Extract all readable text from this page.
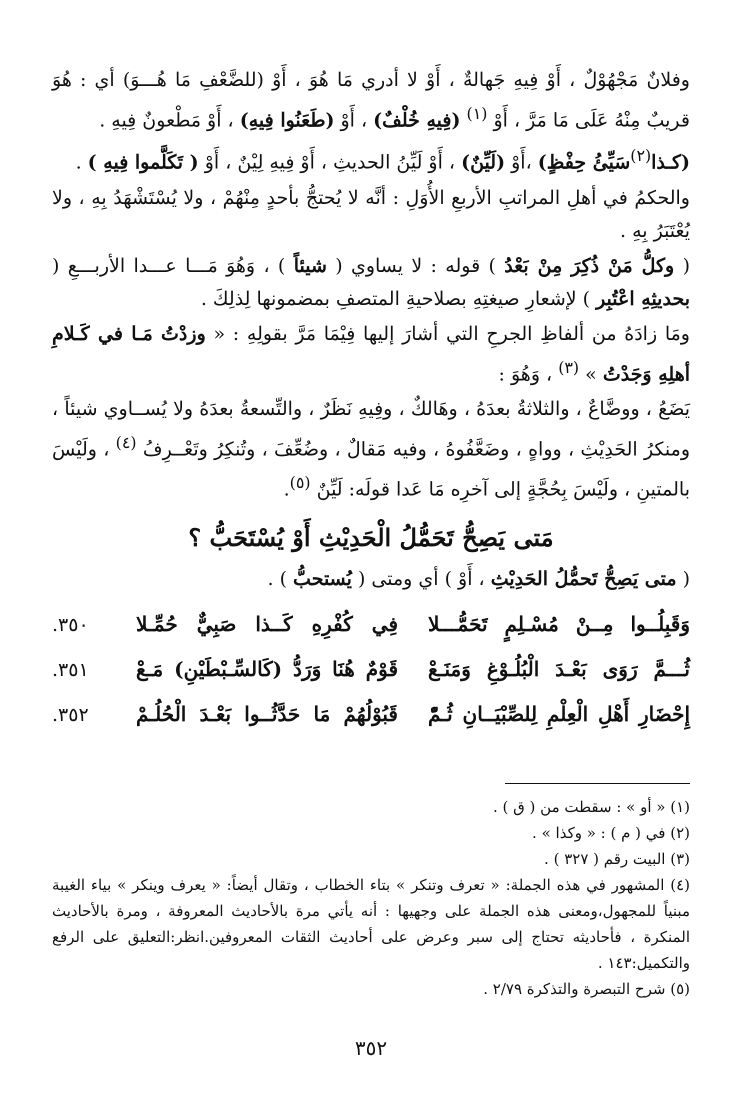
وفلانٌ مَجْهُوْلٌ ، أَوْ فِيهِ جَهالةٌ ، أَوْ لا أدري مَا هُوَ ، أَوْ (للضَّعْفِ مَا هُـــوَ) أي : هُوَ قريبٌ مِنْهُ عَلَى مَا مَرَّ ، أَوْ $^{(١)}$ (فِيهِ خُلْفٌ) ، أَوْ (طَعَنُوا فِيهِ) ، أَوْ مَطْعونٌ فِيهِ .

(كـذا$^{(٢)}$سَيِّئُ حِفْظٍ) ،أَوْ (لَيِّنٌ) ، أَوْ لَيِّنُ الحديثِ ، أَوْ فِيهِ لِيْنٌ ، أَوْ ( تَكَلَّموا فِيهِ ) .

والحكمُ في أهلِ المراتبِ الأربعِ الأُوَلِ : أنَّه لا يُحتجُّ بأحدٍ مِنْهُمْ ، ولا يُسْتَشْهَدُ بِهِ ، ولا يُعْتَبَرُ بِهِ .

( وكلُّ مَنْ ذُكِرَ مِنْ بَعْدُ ) قوله : لا يساوي ( شيئاً ) ، وَهُوَ مَـــا عـــدا الأربـــعِ ( بحديثِهِ اعْتُبِر ) لإشعارِ صيغتِهِ بصلاحيةِ المتصفِ بمضمونها لِذلِكَ .

ومَا زادَهُ من ألفاظِ الجرحِ التي أشارَ إليها فِيْمَا مَرَّ بقولِهِ : « وزدْتُ مَـا في كَـلامِ أهلِهِ وَجَدْتُ » $^{(٣)}$ ، وَهُوَ :

يَضَعُ ، ووضَّاعٌ ، والثلاثةُ بعدَهُ ، وهَالكٌ ، وفِيهِ نَظَرٌ ، والتِّسعةُ بعدَهُ ولا يُســاوي شيئاً ، ومنكرُ الحَدِيْثِ ، وواهٍ ، وضَعَّفُوهُ ، وفيه مَقالٌ ، وضُعِّفَ ، وتُنكِرُ وتَعْــرِفُ $^{(٤)}$ ، ولَيْسَ بالمتينِ ، ولَيْسَ بِحُجَّةٍ إلى آخرِه مَا عَدا قولَه: لَيِّنٌ $^{(٥)}$.

مَتى يَصِحُّ تَحَمُّلُ الْحَدِيْثِ أَوْ يُسْتَحَبُّ ؟

( متى يَصِحُّ تَحمُّلُ الحَدِيْثِ ، أَوْ ) أي ومتى ( يُستحبُّ ) .

وَقَبِلُــوا مِــنْ مُسْـلِمٍ تَحَمُّـــلا
فِي كُفْرِهِ كَــذا صَبِيٌّ حُمِّـلا
٣٥٠.
ثُـــمَّ رَوَى بَعْـدَ الْبُلُـوْغِ وَمَنَـعْ
قَوْمٌ هُنَا وَرَدُّ (كَالسِّـبْطَيْنِ) مَـعْ
٣٥١.
إِحْضَارِ أَهْلِ الْعِلْمِ لِلصِّبْيَــانِ ثُـمّْ
قَبُوْلُهُمْ مَا حَدَّثُــوا بَعْـدَ الْحُلُـمْ
٣٥٢.

(١) « أو » : سقطت من ( ق ) .

(٢) في ( م ) : « وكذا » .

(٣) البيت رقم ( ٣٢٧ ) .

(٤) المشهور في هذه الجملة: « تعرف وتنكر » بتاء الخطاب ، وتقال أيضاً: « يعرف وينكر » بياء الغيبة مبنياً للمجهول،ومعنى هذه الجملة على وجهيها : أنه يأتي مرة بالأحاديث المعروفة ، ومرة بالأحاديث المنكرة ، فأحاديثه تحتاج إلى سبر وعرض على أحاديث الثقات المعروفين.انظر:التعليق على الرفع والتكميل:١٤٣ .

(٥) شرح التبصرة والتذكرة ٢/٧٩ .

٣٥٢
